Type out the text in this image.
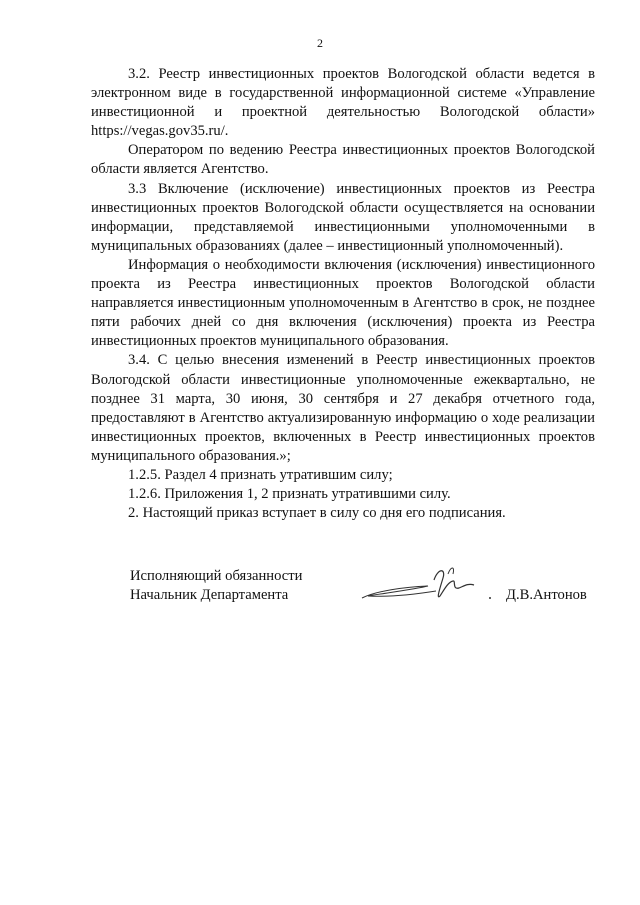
2

3.2. Реестр инвестиционных проектов Вологодской области ведется в электронном виде в государственной информационной системе «Управление инвестиционной и проектной деятельностью Вологодской области» https://vegas.gov35.ru/.

Оператором по ведению Реестра инвестиционных проектов Вологодской области является Агентство.

3.3 Включение (исключение) инвестиционных проектов из Реестра инвестиционных проектов Вологодской области осуществляется на основании информации, представляемой инвестиционными уполномоченными в муниципальных образованиях (далее – инвестиционный уполномоченный).

Информация о необходимости включения (исключения) инвестиционного проекта из Реестра инвестиционных проектов Вологодской области направляется инвестиционным уполномоченным в Агентство в срок, не позднее пяти рабочих дней со дня включения (исключения) проекта из Реестра инвестиционных проектов муниципального образования.

3.4. С целью внесения изменений в Реестр инвестиционных проектов Вологодской области инвестиционные уполномоченные ежеквартально, не позднее 31 марта, 30 июня, 30 сентября и 27 декабря отчетного года, предоставляют в Агентство актуализированную информацию о ходе реализации инвестиционных проектов, включенных в Реестр инвестиционных проектов муниципального образования.»;

1.2.5. Раздел 4 признать утратившим силу;

1.2.6. Приложения 1, 2 признать утратившими силу.

2. Настоящий приказ вступает в силу со дня его подписания.

Исполняющий обязанности
Начальник Департамента	Д.В.Антонов
